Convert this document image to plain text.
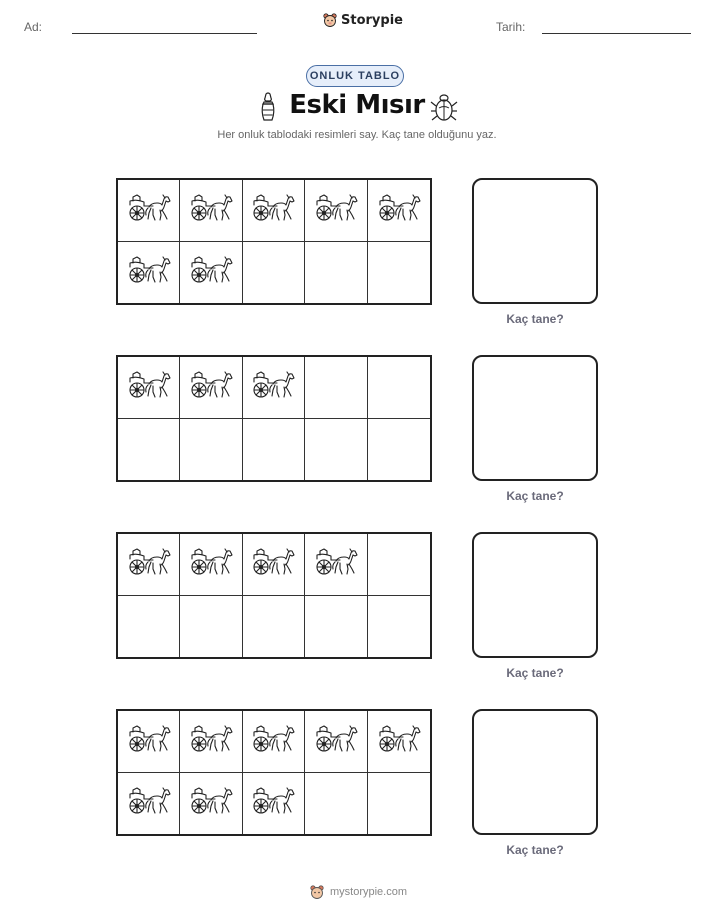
Ad:	Storypie	Tarih:
ONLUK TABLO
Eski Mısır
Her onluk tablodaki resimleri say. Kaç tane olduğunu yaz.
Kaç tane?
Kaç tane?
Kaç tane?
Kaç tane?
mystorypie.com
